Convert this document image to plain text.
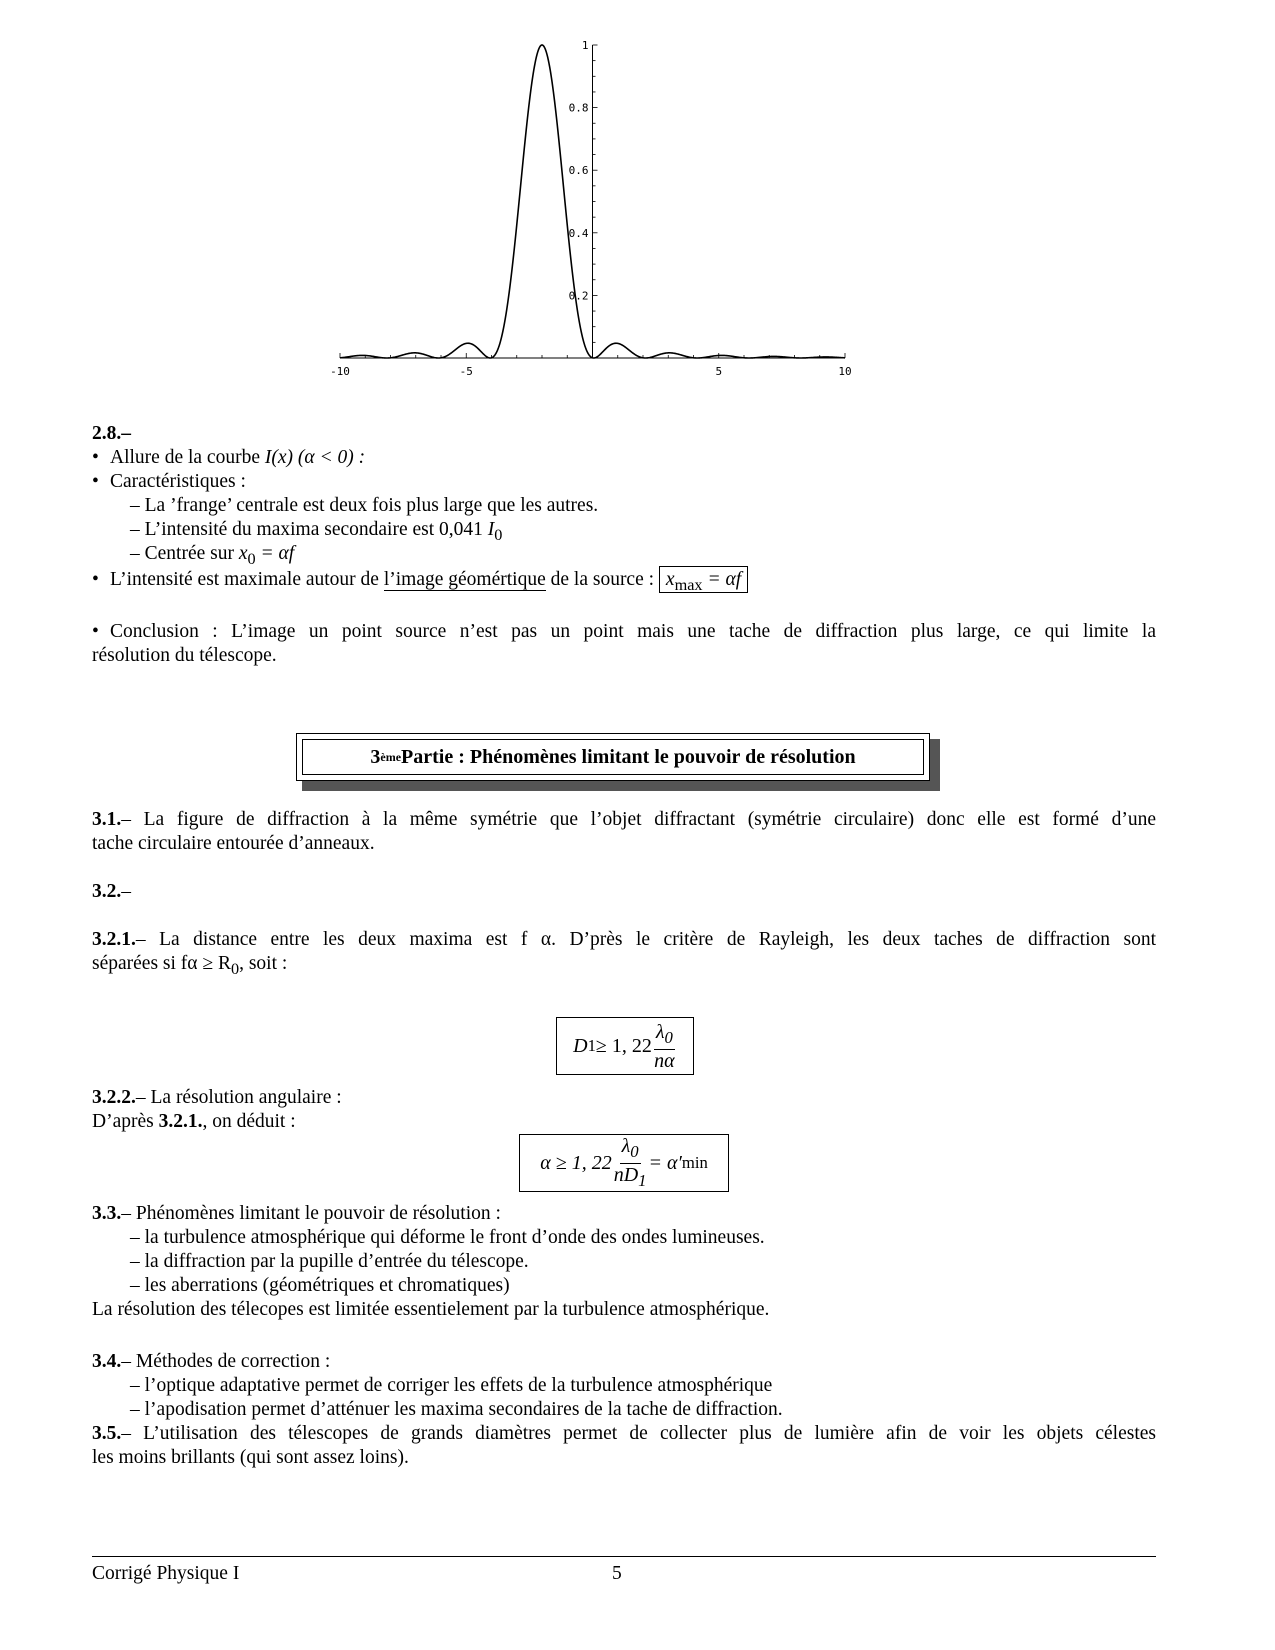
-10	-5	5	10
0.2
0.4
0.6
0.8
1
2.8.–
• Allure de la courbe I(x) (α < 0) :
• Caractéristiques :
– La ’frange’ centrale est deux fois plus large que les autres.
– L’intensité du maxima secondaire est 0,041 $I_0$
– Centrée sur $x_0 = \alpha f$
• L’intensité est maximale autour de l’image géomértique de la source : $x_{max} = \alpha f$
• Conclusion : L’image un point source n’est pas un point mais une tache de diffraction plus large, ce qui limite la
résolution du télescope.
3 ème Partie : Phénomènes limitant le pouvoir de résolution
3.1.– La figure de diffraction à la même symétrie que l’objet diffractant (symétrie circulaire) donc elle est formé d’une
tache circulaire entourée d’anneaux.
3.2.–
3.2.1.– La distance entre les deux maxima est f α. D’près le critère de Rayleigh, les deux taches de diffraction sont
séparées si $f\alpha \ge R_0$, soit :
D 1 ≥ 1, $22 \frac{\lambda_0}{n\alpha}$
3.2.2.– La résolution angulaire :
D’après 3.2.1., on déduit :
α ≥ 1, $22 \frac{\lambda_0}{nD_1} = \alpha'$ min
3.3.– Phénomènes limitant le pouvoir de résolution :
– la turbulence atmosphérique qui déforme le front d’onde des ondes lumineuses.
– la diffraction par la pupille d’entrée du télescope.
– les aberrations (géométriques et chromatiques)
La résolution des télecopes est limitée essentielement par la turbulence atmosphérique.
3.4.– Méthodes de correction :
– l’optique adaptative permet de corriger les effets de la turbulence atmosphérique
– l’apodisation permet d’atténuer les maxima secondaires de la tache de diffraction.
3.5.– L’utilisation des télescopes de grands diamètres permet de collecter plus de lumière afin de voir les objets célestes
les moins brillants (qui sont assez loins).
Corrigé Physique I	5
